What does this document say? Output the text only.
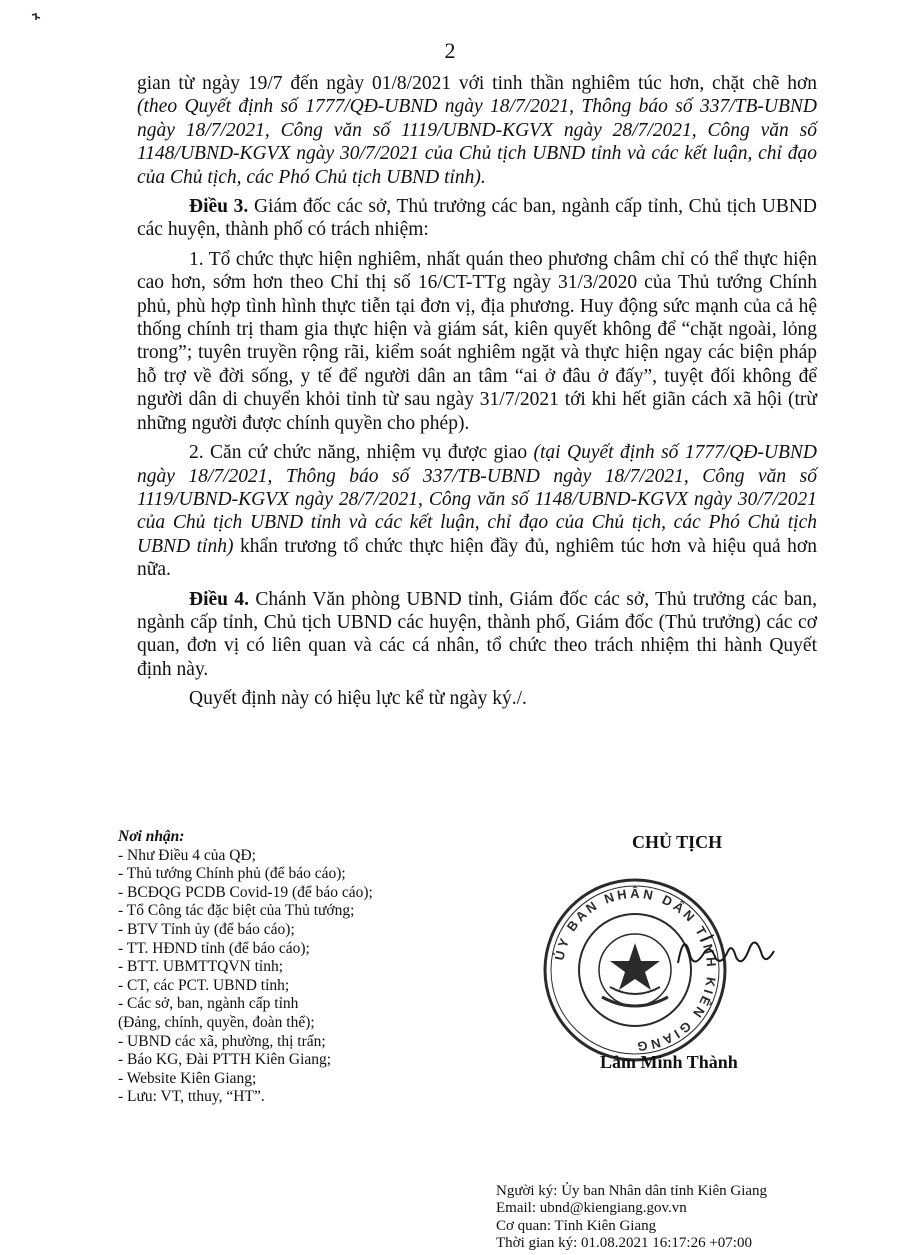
2

gian từ ngày 19/7 đến ngày 01/8/2021 với tinh thần nghiêm túc hơn, chặt chẽ hơn (theo Quyết định số 1777/QĐ-UBND ngày 18/7/2021, Thông báo số 337/TB-UBND ngày 18/7/2021, Công văn số 1119/UBND-KGVX ngày 28/7/2021, Công văn số 1148/UBND-KGVX ngày 30/7/2021 của Chủ tịch UBND tỉnh và các kết luận, chỉ đạo của Chủ tịch, các Phó Chủ tịch UBND tỉnh).

Điều 3. Giám đốc các sở, Thủ trưởng các ban, ngành cấp tỉnh, Chủ tịch UBND các huyện, thành phố có trách nhiệm:

1. Tổ chức thực hiện nghiêm, nhất quán theo phương châm chỉ có thể thực hiện cao hơn, sớm hơn theo Chỉ thị số 16/CT-TTg ngày 31/3/2020 của Thủ tướng Chính phủ, phù hợp tình hình thực tiễn tại đơn vị, địa phương. Huy động sức mạnh của cả hệ thống chính trị tham gia thực hiện và giám sát, kiên quyết không để “chặt ngoài, lỏng trong”; tuyên truyền rộng rãi, kiểm soát nghiêm ngặt và thực hiện ngay các biện pháp hỗ trợ về đời sống, y tế để người dân an tâm “ai ở đâu ở đấy”, tuyệt đối không để người dân di chuyển khỏi tỉnh từ sau ngày 31/7/2021 tới khi hết giãn cách xã hội (trừ những người được chính quyền cho phép).

2. Căn cứ chức năng, nhiệm vụ được giao (tại Quyết định số 1777/QĐ-UBND ngày 18/7/2021, Thông báo số 337/TB-UBND ngày 18/7/2021, Công văn số 1119/UBND-KGVX ngày 28/7/2021, Công văn số 1148/UBND-KGVX ngày 30/7/2021 của Chủ tịch UBND tỉnh và các kết luận, chỉ đạo của Chủ tịch, các Phó Chủ tịch UBND tỉnh) khẩn trương tổ chức thực hiện đầy đủ, nghiêm túc hơn và hiệu quả hơn nữa.

Điều 4. Chánh Văn phòng UBND tỉnh, Giám đốc các sở, Thủ trưởng các ban, ngành cấp tỉnh, Chủ tịch UBND các huyện, thành phố, Giám đốc (Thủ trưởng) các cơ quan, đơn vị có liên quan và các cá nhân, tổ chức theo trách nhiệm thi hành Quyết định này.

Quyết định này có hiệu lực kể từ ngày ký./.

Nơi nhận:
- Như Điều 4 của QĐ;
- Thủ tướng Chính phủ (để báo cáo);
- BCĐQG PCDB Covid-19 (để báo cáo);
- Tổ Công tác đặc biệt của Thủ tướng;
- BTV Tỉnh ủy (để báo cáo);
- TT. HĐND tỉnh (để báo cáo);
- BTT. UBMTTQVN tỉnh;
- CT, các PCT. UBND tỉnh;
- Các sở, ban, ngành cấp tỉnh
(Đảng, chính, quyền, đoàn thể);
- UBND các xã, phường, thị trấn;
- Báo KG, Đài PTTH Kiên Giang;
- Website Kiên Giang;
- Lưu: VT, tthuy, “HT”.
CHỦ TỊCH
ỦY BAN NHÂN DÂN TỈNH KIÊN GIANG
Lâm Minh Thành
Người ký: Ủy ban Nhân dân tỉnh Kiên Giang
Email: ubnd@kiengiang.gov.vn
Cơ quan: Tỉnh Kiên Giang
Thời gian ký: 01.08.2021 16:17:26 +07:00
